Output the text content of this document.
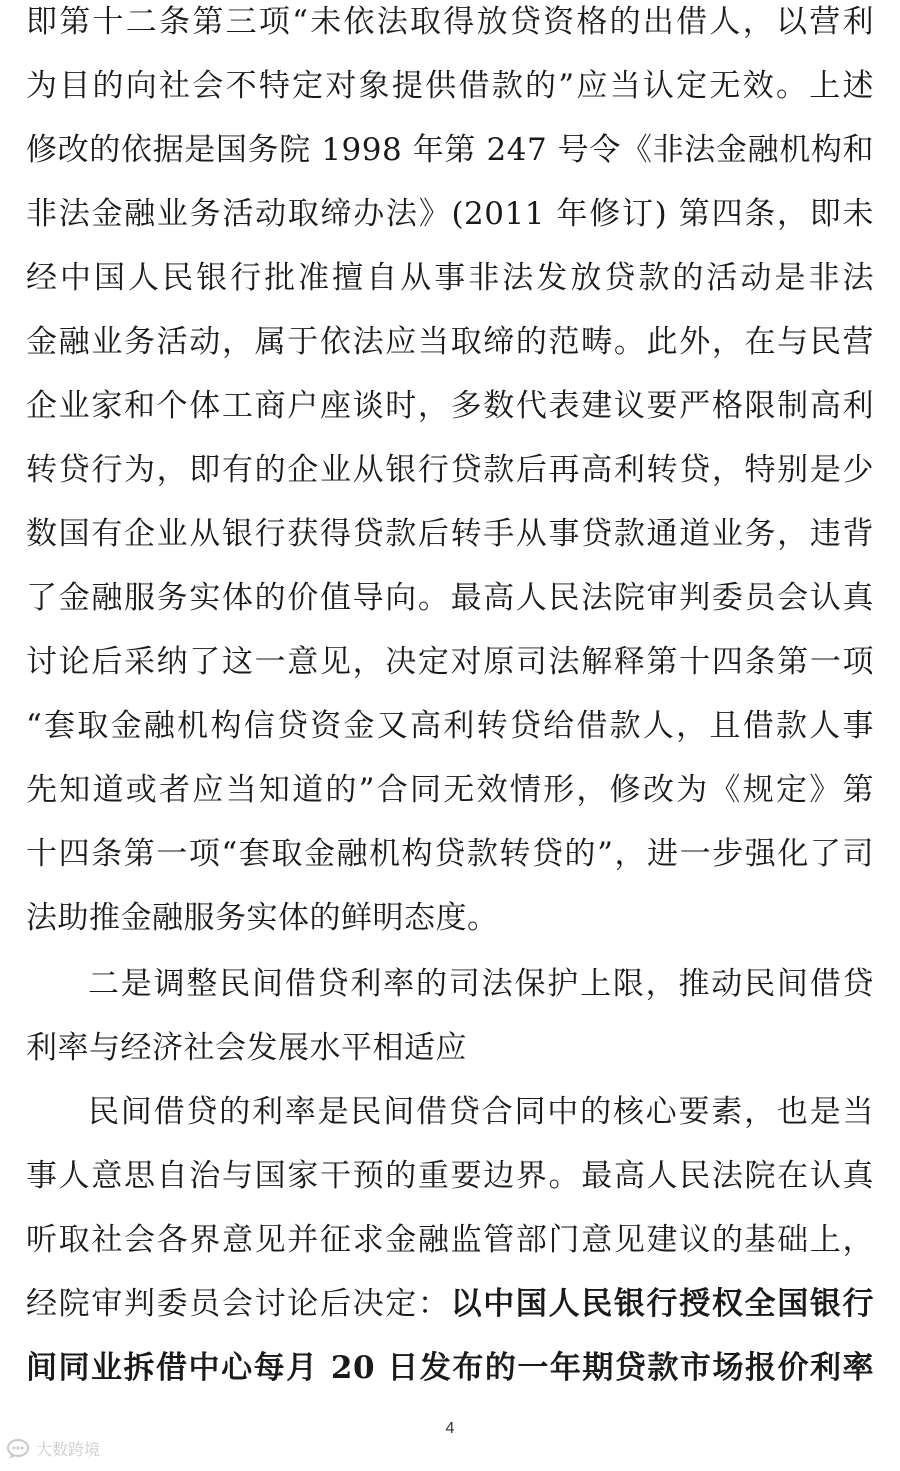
即第十二条第三项“未依法取得放贷资格的出借人，以营利
为目的向社会不特定对象提供借款的”应当认定无效。上述
修改的依据是国务院 1998 年第 247 号令《非法金融机构和
非法金融业务活动取缔办法》(2011 年修订) 第四条，即未
经中国人民银行批准擅自从事非法发放贷款的活动是非法
金融业务活动，属于依法应当取缔的范畴。此外，在与民营
企业家和个体工商户座谈时，多数代表建议要严格限制高利
转贷行为，即有的企业从银行贷款后再高利转贷，特别是少
数国有企业从银行获得贷款后转手从事贷款通道业务，违背
了金融服务实体的价值导向。最高人民法院审判委员会认真
讨论后采纳了这一意见，决定对原司法解释第十四条第一项
“套取金融机构信贷资金又高利转贷给借款人，且借款人事
先知道或者应当知道的”合同无效情形，修改为《规定》第
十四条第一项“套取金融机构贷款转贷的”，进一步强化了司
法助推金融服务实体的鲜明态度。
二是调整民间借贷利率的司法保护上限，推动民间借贷
利率与经济社会发展水平相适应
民间借贷的利率是民间借贷合同中的核心要素，也是当
事人意思自治与国家干预的重要边界。最高人民法院在认真
听取社会各界意见并征求金融监管部门意见建议的基础上，
经院审判委员会讨论后决定：以中国人民银行授权全国银行
间同业拆借中心每月 20 日发布的一年期贷款市场报价利率
4
大数跨境
